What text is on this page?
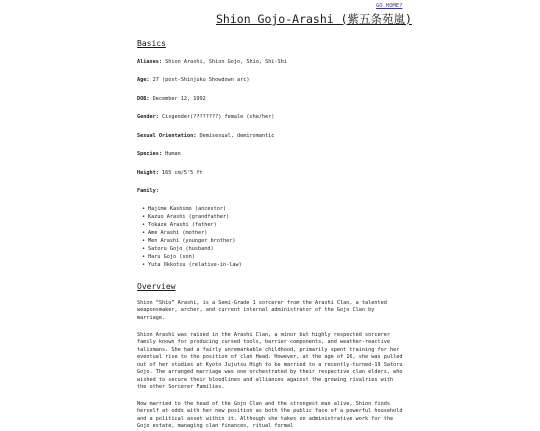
GO HOME?
Shion Gojo-Arashi (紫五条苑嵐)
Basics

Aliases: Shion Arashi, Shion Gojo, Shio, Shi-Shi

Age: 27 (post-Shinjuku Showdown arc)

DOB: December 12, 1992

Gender: Cisgender(????????) female (she/her)

Sexual Orientation: Demisexual, demiromantic

Species: Human

Height: 165 cm/5'5 ft

Family:

• Hajime Kashimo (ancestor)
• Kazuo Arashi (grandfather)
• Tokaze Arashi (father)
• Ame Arashi (mother)
• Men Arashi (younger brother)
• Satoru Gojo (husband)
• Haru Gojo (son)
• Yuta Okkotsu (relative-in-law)
Overview

Shion “Shio” Arashi, is a Semi-Grade 1 sorcerer from the Arashi Clan, a talented weaponsmaker, archer, and current internal administrator of the Gojo Clan by marriage.

Shion Arashi was raised in the Arashi Clan, a minor but highly respected sorcerer family known for producing cursed tools, barrier components, and weather-reactive talismans. She had a fairly unremarkable childhood, primarily spent training for her eventual rise to the position of clan Head. However, at the age of 16, she was pulled out of her studies at Kyoto Jujutsu High to be married to a recently-turned-19 Satoru Gojo. The arranged marriage was one orchestrated by their respective clan elders, who wished to secure their bloodlines and alliances against the growing rivalries with the other Sorcerer Families.

Now married to the head of the Gojo Clan and the strongest man alive, Shion finds herself at odds with her new position as both the public face of a powerful household and a political asset within it. Although she takes on administrative work for the Gojo estate, managing clan finances, ritual formal
